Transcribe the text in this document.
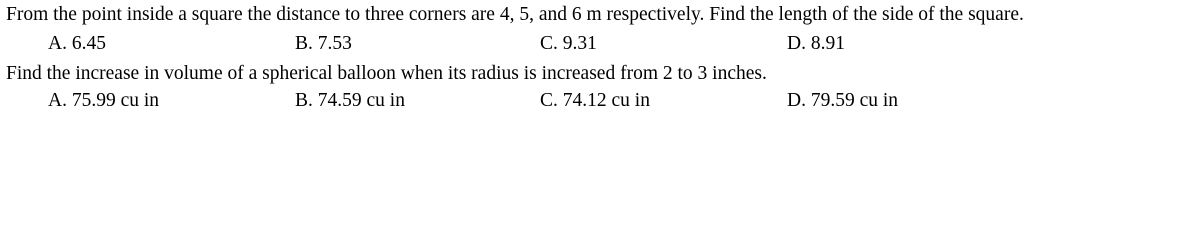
From the point inside a square the distance to three corners are 4, 5, and 6 m respectively. Find the length of the side of the square.
A. 6.45	B. 7.53	C. 9.31	D. 8.91
Find the increase in volume of a spherical balloon when its radius is increased from 2 to 3 inches.
A. 75.99 cu in	B. 74.59 cu in	C. 74.12 cu in	D. 79.59 cu in
